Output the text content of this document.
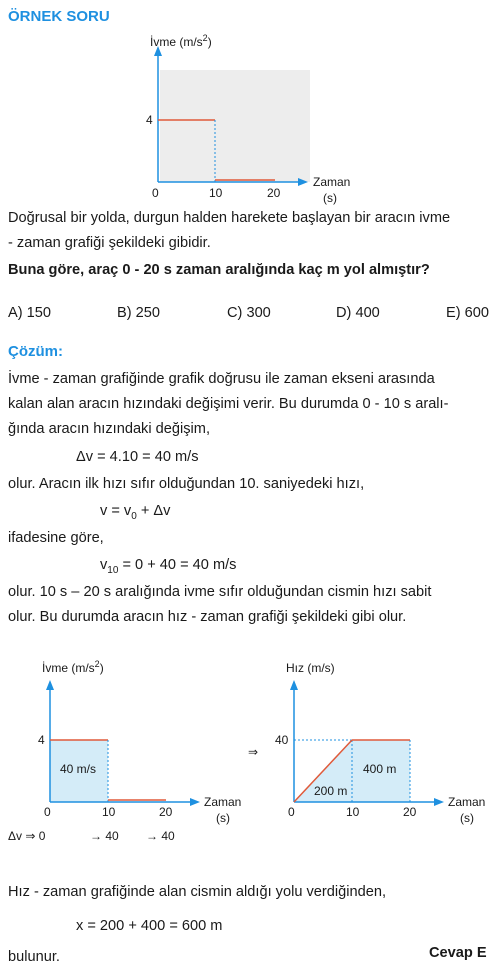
ÖRNEK SORU
4
0	10	20
Zaman
(s)
İvme $(m/s^2)$
Doğrusal bir yolda, durgun halden harekete başlayan bir aracın ivme
- zaman grafiği şekildeki gibidir.
Buna göre, araç 0 - 20 s zaman aralığında kaç m yol almıştır?
A) 150	B) 250	C) 300	D) 400	E) 600
Çözüm:
İvme - zaman grafiğinde grafik doğrusu ile zaman ekseni arasında
kalan alan aracın hızındaki değişimi verir. Bu durumda 0 - 10 s aralı-
ğında aracın hızındaki değişim,
Δv = 4.10 = 40 m/s
olur. Aracın ilk hızı sıfır olduğundan 10. saniyedeki hızı,
$v = v_0 + \Delta v$
ifadesine göre,
$v_{10} = 0 + 40 = 40$ m/s
olur. 10 s – 20 s aralığında ivme sıfır olduğundan cismin hızı sabit
olur. Bu durumda aracın hız - zaman grafiği şekildeki gibi olur.
4
0	10	20
Zaman
(s)
40 m/s
İvme $(m/s^2)$
Δv ⇒ 0	→ 40 → 40
⇒
40
0	10	20
Zaman
(s)
200 m
400 m
Hız (m/s)
Hız - zaman grafiğinde alan cismin aldığı yolu verdiğinden,
x = 200 + 400 = 600 m
bulunur.	Cevap E
